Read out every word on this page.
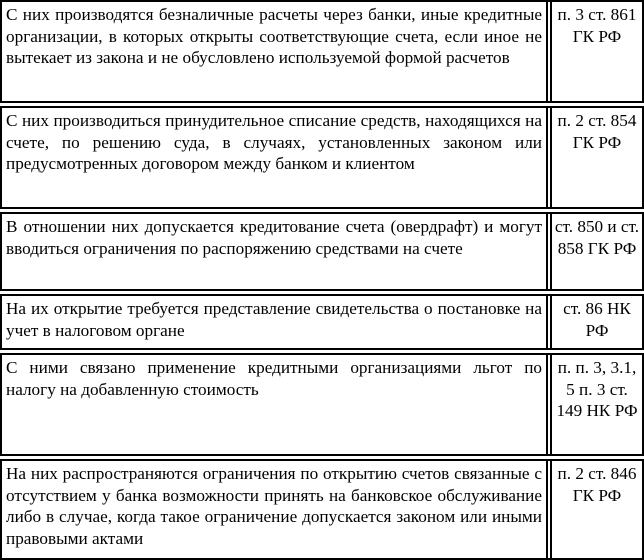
С них производятся безналичные расчеты через банки, иные кредитные организации, в которых открыты соответствующие счета, если иное не вытекает из закона и не обусловлено используемой формой расчетов
п. 3 ст. 861 ГК РФ
С них производиться принудительное списание средств, находящихся на счете, по решению суда, в случаях, установленных законом или предусмотренных договором между банком и клиентом
п. 2 ст. 854 ГК РФ
В отношении них допускается кредитование счета (овердрафт) и могут вводиться ограничения по распоряжению средствами на счете
ст. 850 и ст. 858 ГК РФ
На их открытие требуется представление свидетельства о постановке на учет в налоговом органе
ст. 86 НК РФ
С ними связано применение кредитными организациями льгот по налогу на добавленную стоимость
п. п. 3, 3.1, 5 п. 3 ст. 149 НК РФ
На них распространяются ограничения по открытию счетов связанные с отсутствием у банка возможности принять на банковское обслуживание либо в случае, когда такое ограничение допускается законом или иными правовыми актами
п. 2 ст. 846 ГК РФ
